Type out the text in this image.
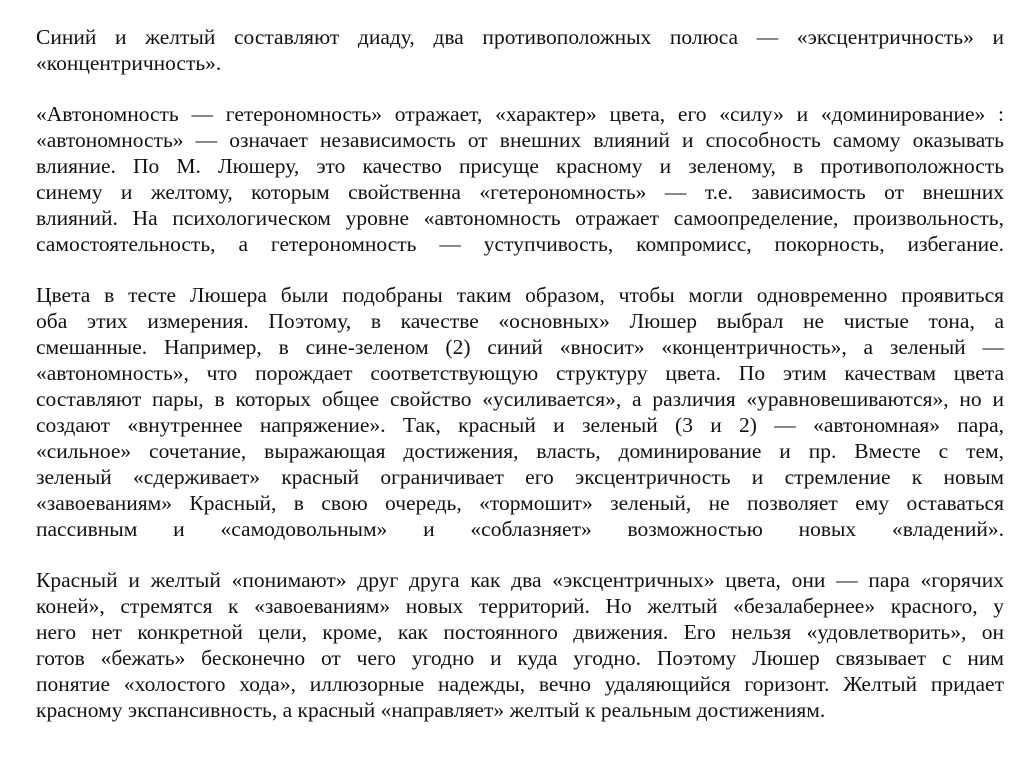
Синий и желтый составляют диаду, два противоположных полюса — «эксцентричность» и
«концентричность».
«Автономность — гетерономность» отражает, «характер» цвета, его «силу» и «доминирование» :
«автономность» — означает независимость от внешних влияний и способность самому оказывать
влияние. По М. Люшеру, это качество присуще красному и зеленому, в противоположность
синему и желтому, которым свойственна «гетерономность» — т.е. зависимость от внешних
влияний. На психологическом уровне «автономность отражает самоопределение, произвольность,
самостоятельность, а гетерономность — уступчивость, компромисс, покорность, избегание.
Цвета в тесте Люшера были подобраны таким образом, чтобы могли одновременно проявиться
оба этих измерения. Поэтому, в качестве «основных» Люшер выбрал не чистые тона, а
смешанные. Например, в сине-зеленом (2) синий «вносит» «концентричность», а зеленый —
«автономность», что порождает соответствующую структуру цвета. По этим качествам цвета
составляют пары, в которых общее свойство «усиливается», а различия «уравновешиваются», но и
создают «внутреннее напряжение». Так, красный и зеленый (3 и 2) — «автономная» пара,
«сильное» сочетание, выражающая достижения, власть, доминирование и пр. Вместе с тем,
зеленый «сдерживает» красный ограничивает его эксцентричность и стремление к новым
«завоеваниям» Красный, в свою очередь, «тормошит» зеленый, не позволяет ему оставаться
пассивным и «самодовольным» и «соблазняет» возможностью новых «владений».
Красный и желтый «понимают» друг друга как два «эксцентричных» цвета, они — пара «горячих
коней», стремятся к «завоеваниям» новых территорий. Но желтый «безалабернее» красного, у
него нет конкретной цели, кроме, как постоянного движения. Его нельзя «удовлетворить», он
готов «бежать» бесконечно от чего угодно и куда угодно. Поэтому Люшер связывает с ним
понятие «холостого хода», иллюзорные надежды, вечно удаляющийся горизонт. Желтый придает
красному экспансивность, а красный «направляет» желтый к реальным достижениям.
